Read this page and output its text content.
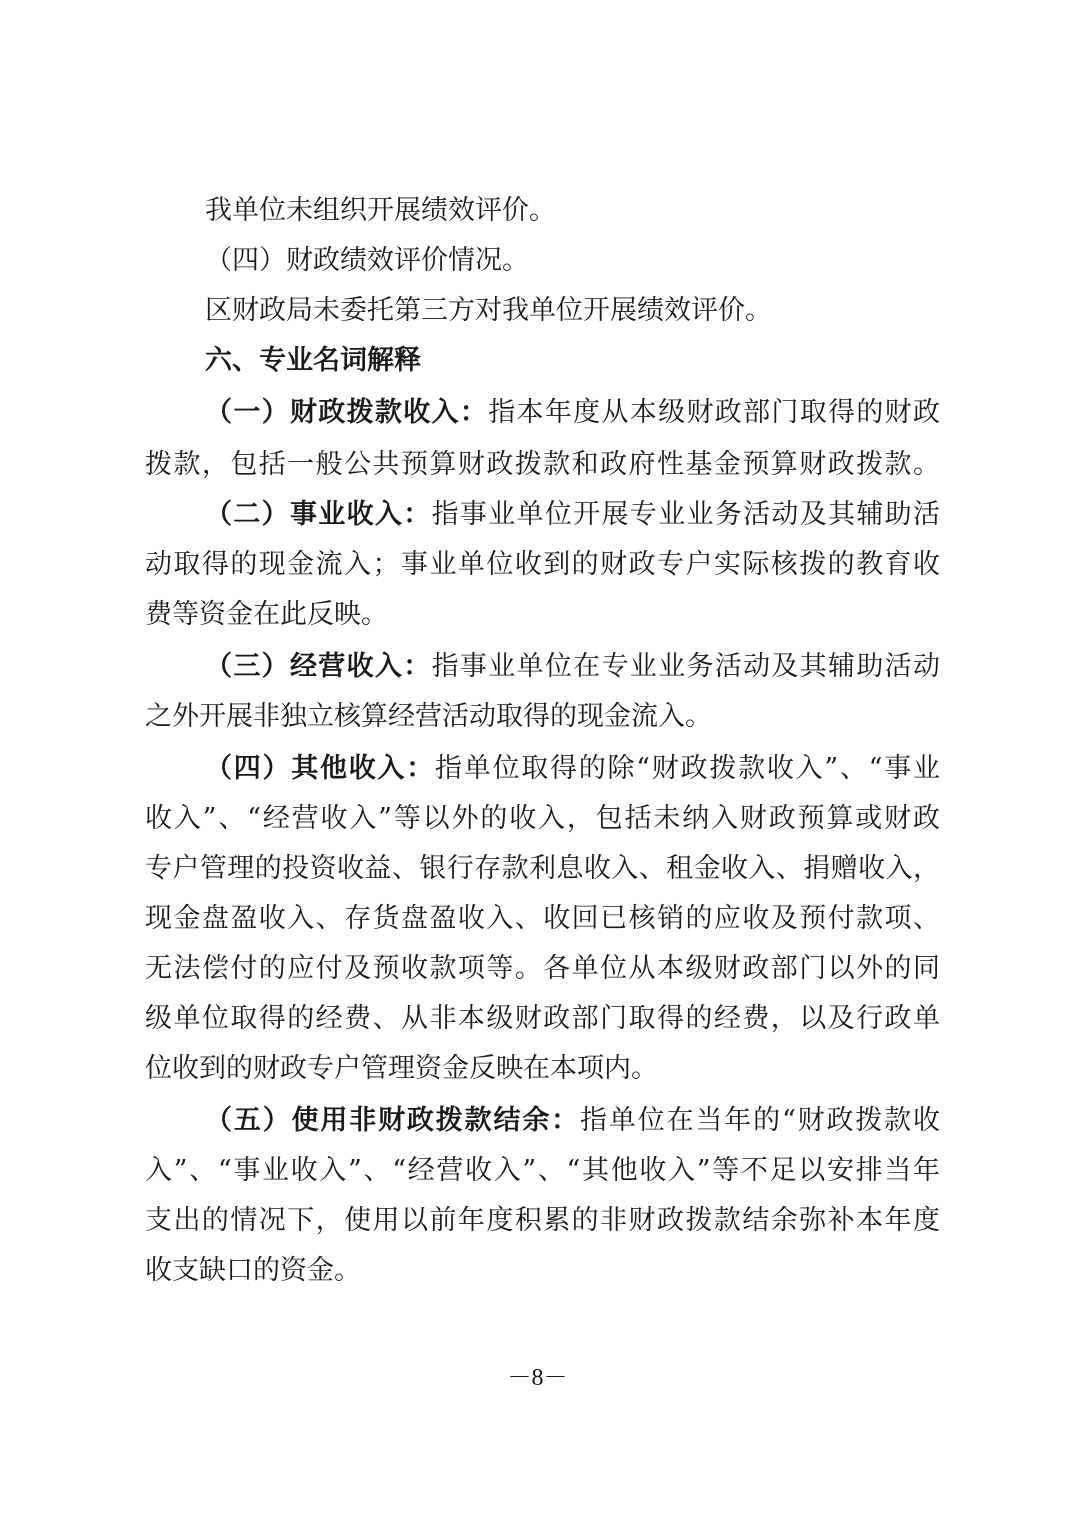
我单位未组织开展绩效评价。
（四）财政绩效评价情况。
区财政局未委托第三方对我单位开展绩效评价。
六、专业名词解释
（一）财政拨款收入：指本年度从本级财政部门取得的财政
拨款，包括一般公共预算财政拨款和政府性基金预算财政拨款。
（二）事业收入：指事业单位开展专业业务活动及其辅助活
动取得的现金流入；事业单位收到的财政专户实际核拨的教育收
费等资金在此反映。
（三）经营收入：指事业单位在专业业务活动及其辅助活动
之外开展非独立核算经营活动取得的现金流入。
（四）其他收入：指单位取得的除“财政拨款收入”、“事业
收入”、“经营收入”等以外的收入，包括未纳入财政预算或财政
专户管理的投资收益、银行存款利息收入、租金收入、捐赠收入，
现金盘盈收入、存货盘盈收入、收回已核销的应收及预付款项、
无法偿付的应付及预收款项等。各单位从本级财政部门以外的同
级单位取得的经费、从非本级财政部门取得的经费，以及行政单
位收到的财政专户管理资金反映在本项内。
（五）使用非财政拨款结余：指单位在当年的“财政拨款收
入”、“事业收入”、“经营收入”、“其他收入”等不足以安排当年
支出的情况下，使用以前年度积累的非财政拨款结余弥补本年度
收支缺口的资金。
－8－
